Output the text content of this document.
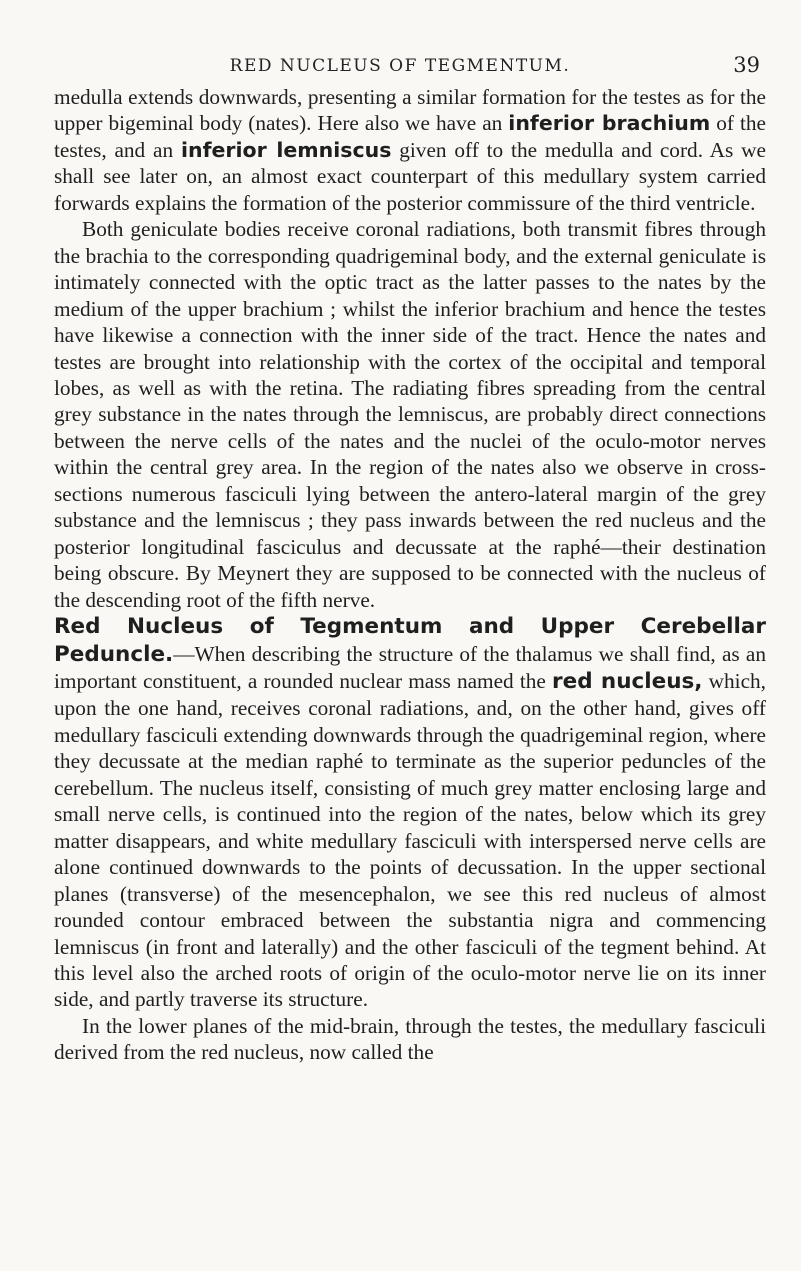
RED NUCLEUS OF TEGMENTUM.	39

medulla extends downwards, presenting a similar formation for the testes as for the upper bigeminal body (nates). Here also we have an inferior brachium of the testes, and an inferior lemniscus given off to the medulla and cord. As we shall see later on, an almost exact counterpart of this medullary system carried forwards explains the formation of the posterior commissure of the third ventricle.

Both geniculate bodies receive coronal radiations, both transmit fibres through the brachia to the corresponding quadrigeminal body, and the external geniculate is intimately connected with the optic tract as the latter passes to the nates by the medium of the upper brachium ; whilst the inferior brachium and hence the testes have likewise a connection with the inner side of the tract. Hence the nates and testes are brought into relationship with the cortex of the occipital and temporal lobes, as well as with the retina. The radiating fibres spreading from the central grey substance in the nates through the lemniscus, are probably direct connections between the nerve cells of the nates and the nuclei of the oculo-motor nerves within the central grey area. In the region of the nates also we observe in cross-sections numerous fasciculi lying between the antero-lateral margin of the grey substance and the lemniscus ; they pass inwards between the red nucleus and the posterior longitudinal fasciculus and decussate at the raphé—their destination being obscure. By Meynert they are supposed to be connected with the nucleus of the descending root of the fifth nerve.

Red Nucleus of Tegmentum and Upper Cerebellar Peduncle.—When describing the structure of the thalamus we shall find, as an important constituent, a rounded nuclear mass named the red nucleus, which, upon the one hand, receives coronal radiations, and, on the other hand, gives off medullary fasciculi extending downwards through the quadrigeminal region, where they decussate at the median raphé to terminate as the superior peduncles of the cerebellum. The nucleus itself, consisting of much grey matter enclosing large and small nerve cells, is continued into the region of the nates, below which its grey matter disappears, and white medullary fasciculi with interspersed nerve cells are alone continued downwards to the points of decussation. In the upper sectional planes (transverse) of the mesencephalon, we see this red nucleus of almost rounded contour embraced between the substantia nigra and commencing lemniscus (in front and laterally) and the other fasciculi of the tegment behind. At this level also the arched roots of origin of the oculo-motor nerve lie on its inner side, and partly traverse its structure.

In the lower planes of the mid-brain, through the testes, the medullary fasciculi derived from the red nucleus, now called the
